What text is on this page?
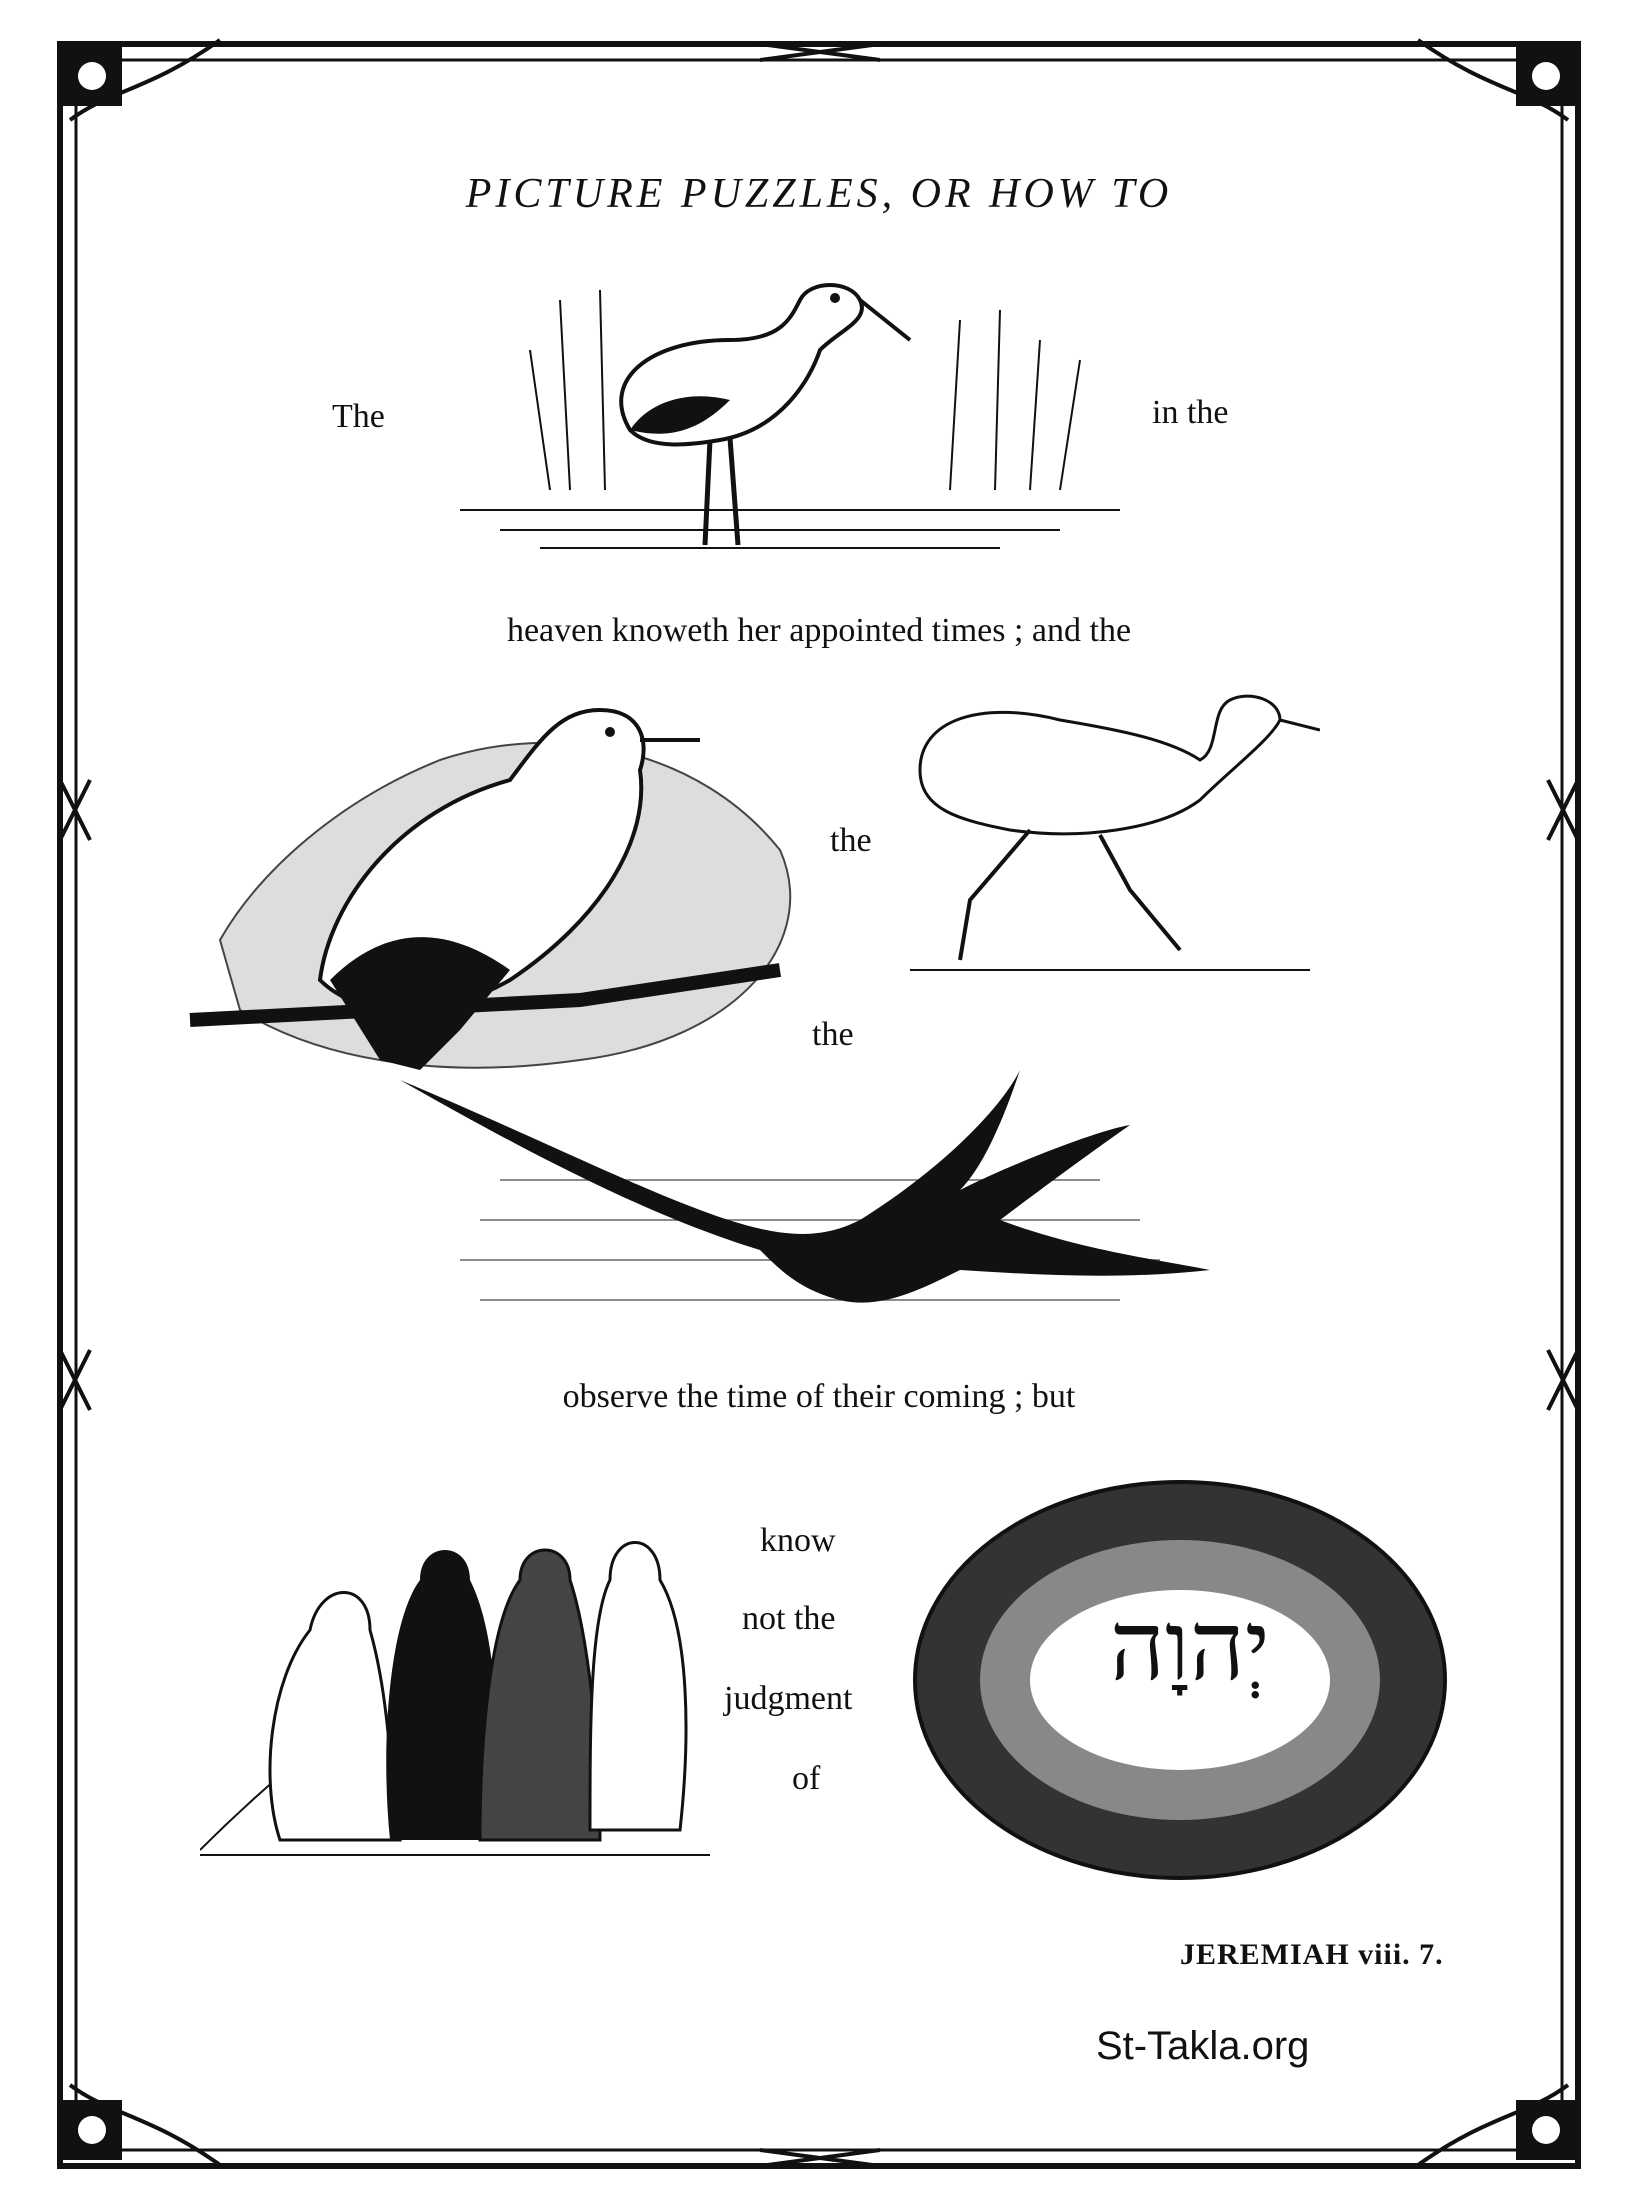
PICTURE PUZZLES, OR HOW TO
The	in the
heaven knoweth her appointed times ; and the
the
the
observe the time of their coming ; but
know
not the
judgment
of
יְהוָה
JEREMIAH viii. 7.
St-Takla.org
